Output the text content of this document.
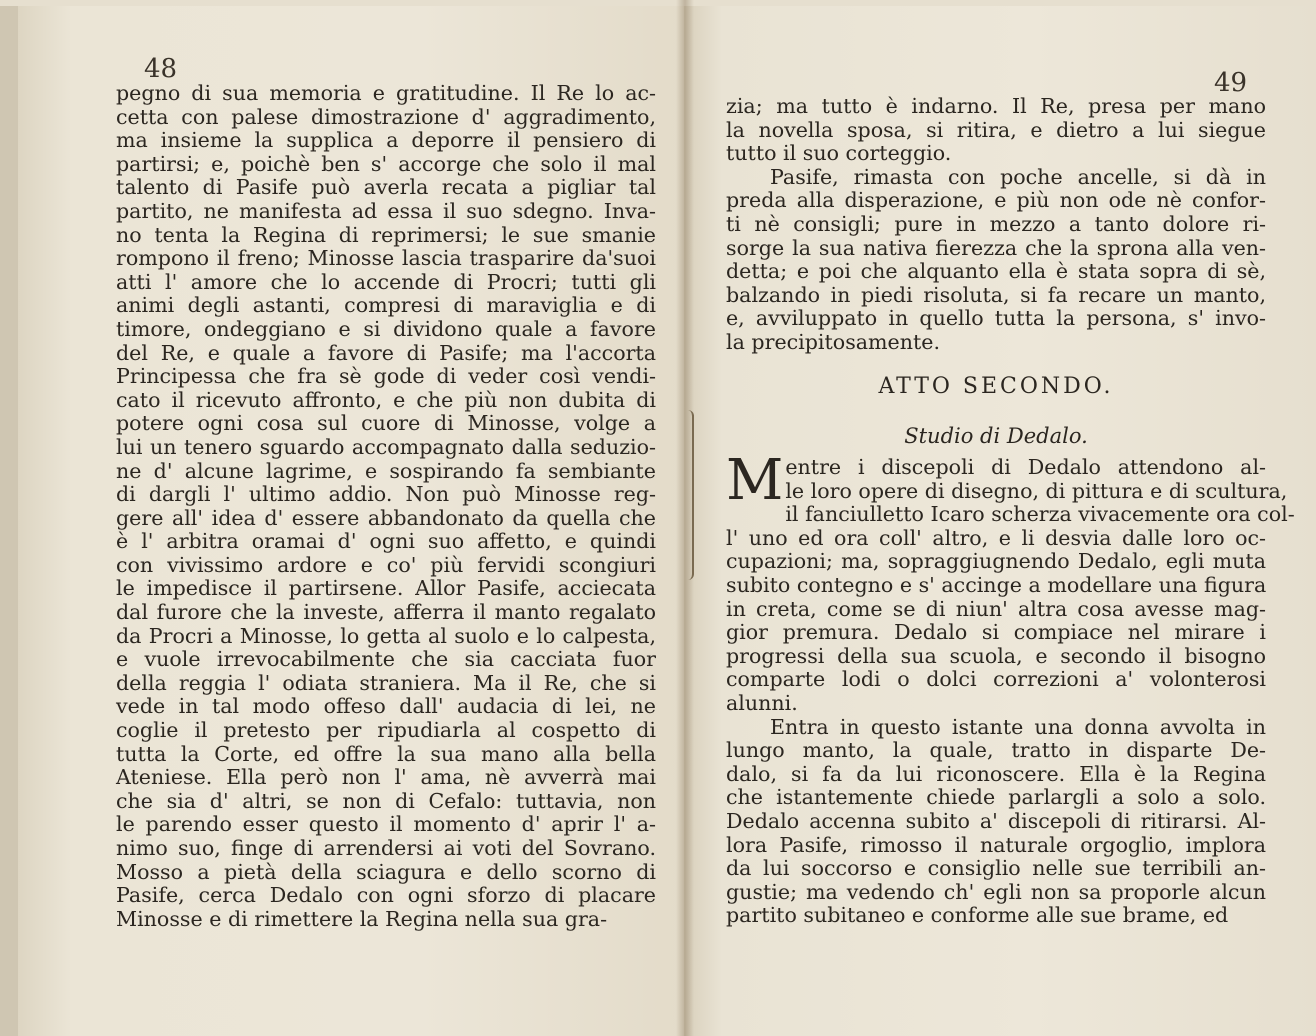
48
pegno di sua memoria e gratitudine. Il Re lo ac-
cetta con palese dimostrazione d' aggradimento,
ma insieme la supplica a deporre il pensiero di
partirsi; e, poichè ben s' accorge che solo il mal
talento di Pasife può averla recata a pigliar tal
partito, ne manifesta ad essa il suo sdegno. Inva-
no tenta la Regina di reprimersi; le sue smanie
rompono il freno; Minosse lascia trasparire da'suoi
atti l' amore che lo accende di Procri; tutti gli
animi degli astanti, compresi di maraviglia e di
timore, ondeggiano e si dividono quale a favore
del Re, e quale a favore di Pasife; ma l'accorta
Principessa che fra sè gode di veder così vendi-
cato il ricevuto affronto, e che più non dubita di
potere ogni cosa sul cuore di Minosse, volge a
lui un tenero sguardo accompagnato dalla seduzio-
ne d' alcune lagrime, e sospirando fa sembiante
di dargli l' ultimo addio. Non può Minosse reg-
gere all' idea d' essere abbandonato da quella che
è l' arbitra oramai d' ogni suo affetto, e quindi
con vivissimo ardore e co' più fervidi scongiuri
le impedisce il partirsene. Allor Pasife, acciecata
dal furore che la investe, afferra il manto regalato
da Procri a Minosse, lo getta al suolo e lo calpesta,
e vuole irrevocabilmente che sia cacciata fuor
della reggia l' odiata straniera. Ma il Re, che si
vede in tal modo offeso dall' audacia di lei, ne
coglie il pretesto per ripudiarla al cospetto di
tutta la Corte, ed offre la sua mano alla bella
Ateniese. Ella però non l' ama, nè avverrà mai
che sia d' altri, se non di Cefalo: tuttavia, non
le parendo esser questo il momento d' aprir l' a-
nimo suo, finge di arrendersi ai voti del Sovrano.
Mosso a pietà della sciagura e dello scorno di
Pasife, cerca Dedalo con ogni sforzo di placare
Minosse e di rimettere la Regina nella sua gra-
49
zia; ma tutto è indarno. Il Re, presa per mano
la novella sposa, si ritira, e dietro a lui siegue
tutto il suo corteggio.
Pasife, rimasta con poche ancelle, si dà in
preda alla disperazione, e più non ode nè confor-
ti nè consigli; pure in mezzo a tanto dolore ri-
sorge la sua nativa fierezza che la sprona alla ven-
detta; e poi che alquanto ella è stata sopra di sè,
balzando in piedi risoluta, si fa recare un manto,
e, avviluppato in quello tutta la persona, s' invo-
la precipitosamente.
ATTO SECONDO.
Studio di Dedalo.
M entre i discepoli di Dedalo attendono al-
le loro opere di disegno, di pittura e di scultura,
il fanciulletto Icaro scherza vivacemente ora col-
l' uno ed ora coll' altro, e li desvia dalle loro oc-
cupazioni; ma, sopraggiugnendo Dedalo, egli muta
subito contegno e s' accinge a modellare una figura
in creta, come se di niun' altra cosa avesse mag-
gior premura. Dedalo si compiace nel mirare i
progressi della sua scuola, e secondo il bisogno
comparte lodi o dolci correzioni a' volonterosi
alunni.
Entra in questo istante una donna avvolta in
lungo manto, la quale, tratto in disparte De-
dalo, si fa da lui riconoscere. Ella è la Regina
che istantemente chiede parlargli a solo a solo.
Dedalo accenna subito a' discepoli di ritirarsi. Al-
lora Pasife, rimosso il naturale orgoglio, implora
da lui soccorso e consiglio nelle sue terribili an-
gustie; ma vedendo ch' egli non sa proporle alcun
partito subitaneo e conforme alle sue brame, ed
